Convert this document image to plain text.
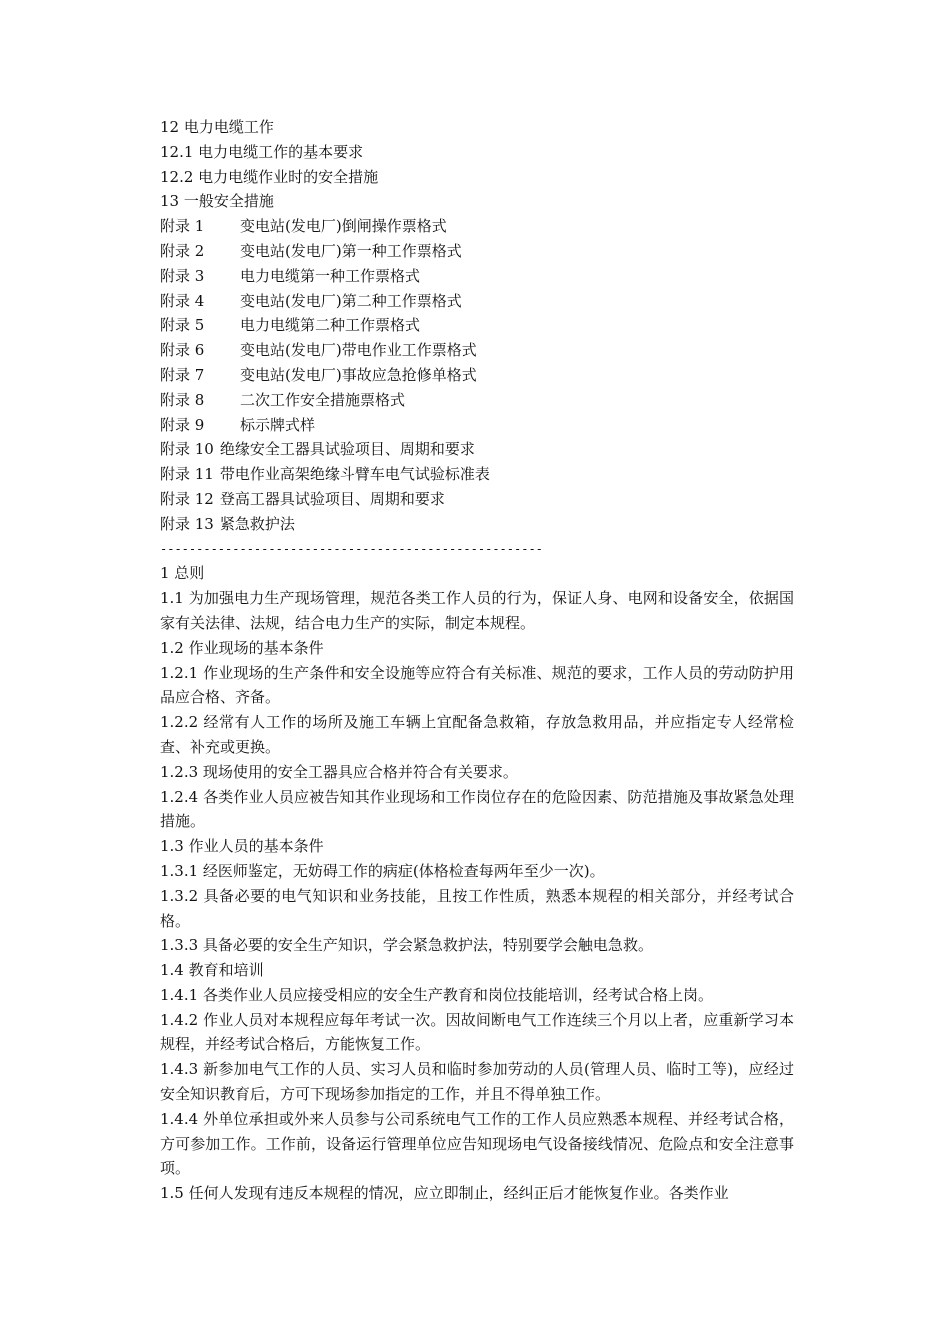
12 电力电缆工作
12.1 电力电缆工作的基本要求
12.2 电力电缆作业时的安全措施
13 一般安全措施
附录 1	变电站(发电厂)倒闸操作票格式
附录 2	变电站(发电厂)第一种工作票格式
附录 3	电力电缆第一种工作票格式
附录 4	变电站(发电厂)第二种工作票格式
附录 5	电力电缆第二种工作票格式
附录 6	变电站(发电厂)带电作业工作票格式
附录 7	变电站(发电厂)事故应急抢修单格式
附录 8	二次工作安全措施票格式
附录 9	标示牌式样
附录 10 绝缘安全工器具试验项目、周期和要求
附录 11 带电作业高架绝缘斗臂车电气试验标准表
附录 12 登高工器具试验项目、周期和要求
附录 13 紧急救护法
-----------------------------------------------------
1 总则
1.1 为加强电力生产现场管理，规范各类工作人员的行为，保证人身、电网和设备安全，依据国家有关法律、法规，结合电力生产的实际，制定本规程。
1.2 作业现场的基本条件
1.2.1 作业现场的生产条件和安全设施等应符合有关标准、规范的要求，工作人员的劳动防护用品应合格、齐备。
1.2.2 经常有人工作的场所及施工车辆上宜配备急救箱，存放急救用品，并应指定专人经常检查、补充或更换。
1.2.3 现场使用的安全工器具应合格并符合有关要求。
1.2.4 各类作业人员应被告知其作业现场和工作岗位存在的危险因素、防范措施及事故紧急处理措施。
1.3 作业人员的基本条件
1.3.1 经医师鉴定，无妨碍工作的病症(体格检查每两年至少一次)。
1.3.2 具备必要的电气知识和业务技能，且按工作性质，熟悉本规程的相关部分，并经考试合格。
1.3.3 具备必要的安全生产知识，学会紧急救护法，特别要学会触电急救。
1.4 教育和培训
1.4.1 各类作业人员应接受相应的安全生产教育和岗位技能培训，经考试合格上岗。
1.4.2 作业人员对本规程应每年考试一次。因故间断电气工作连续三个月以上者，应重新学习本规程，并经考试合格后，方能恢复工作。
1.4.3 新参加电气工作的人员、实习人员和临时参加劳动的人员(管理人员、临时工等)，应经过安全知识教育后，方可下现场参加指定的工作，并且不得单独工作。
1.4.4 外单位承担或外来人员参与公司系统电气工作的工作人员应熟悉本规程、并经考试合格，方可参加工作。工作前，设备运行管理单位应告知现场电气设备接线情况、危险点和安全注意事项。
1.5 任何人发现有违反本规程的情况，应立即制止，经纠正后才能恢复作业。各类作业
